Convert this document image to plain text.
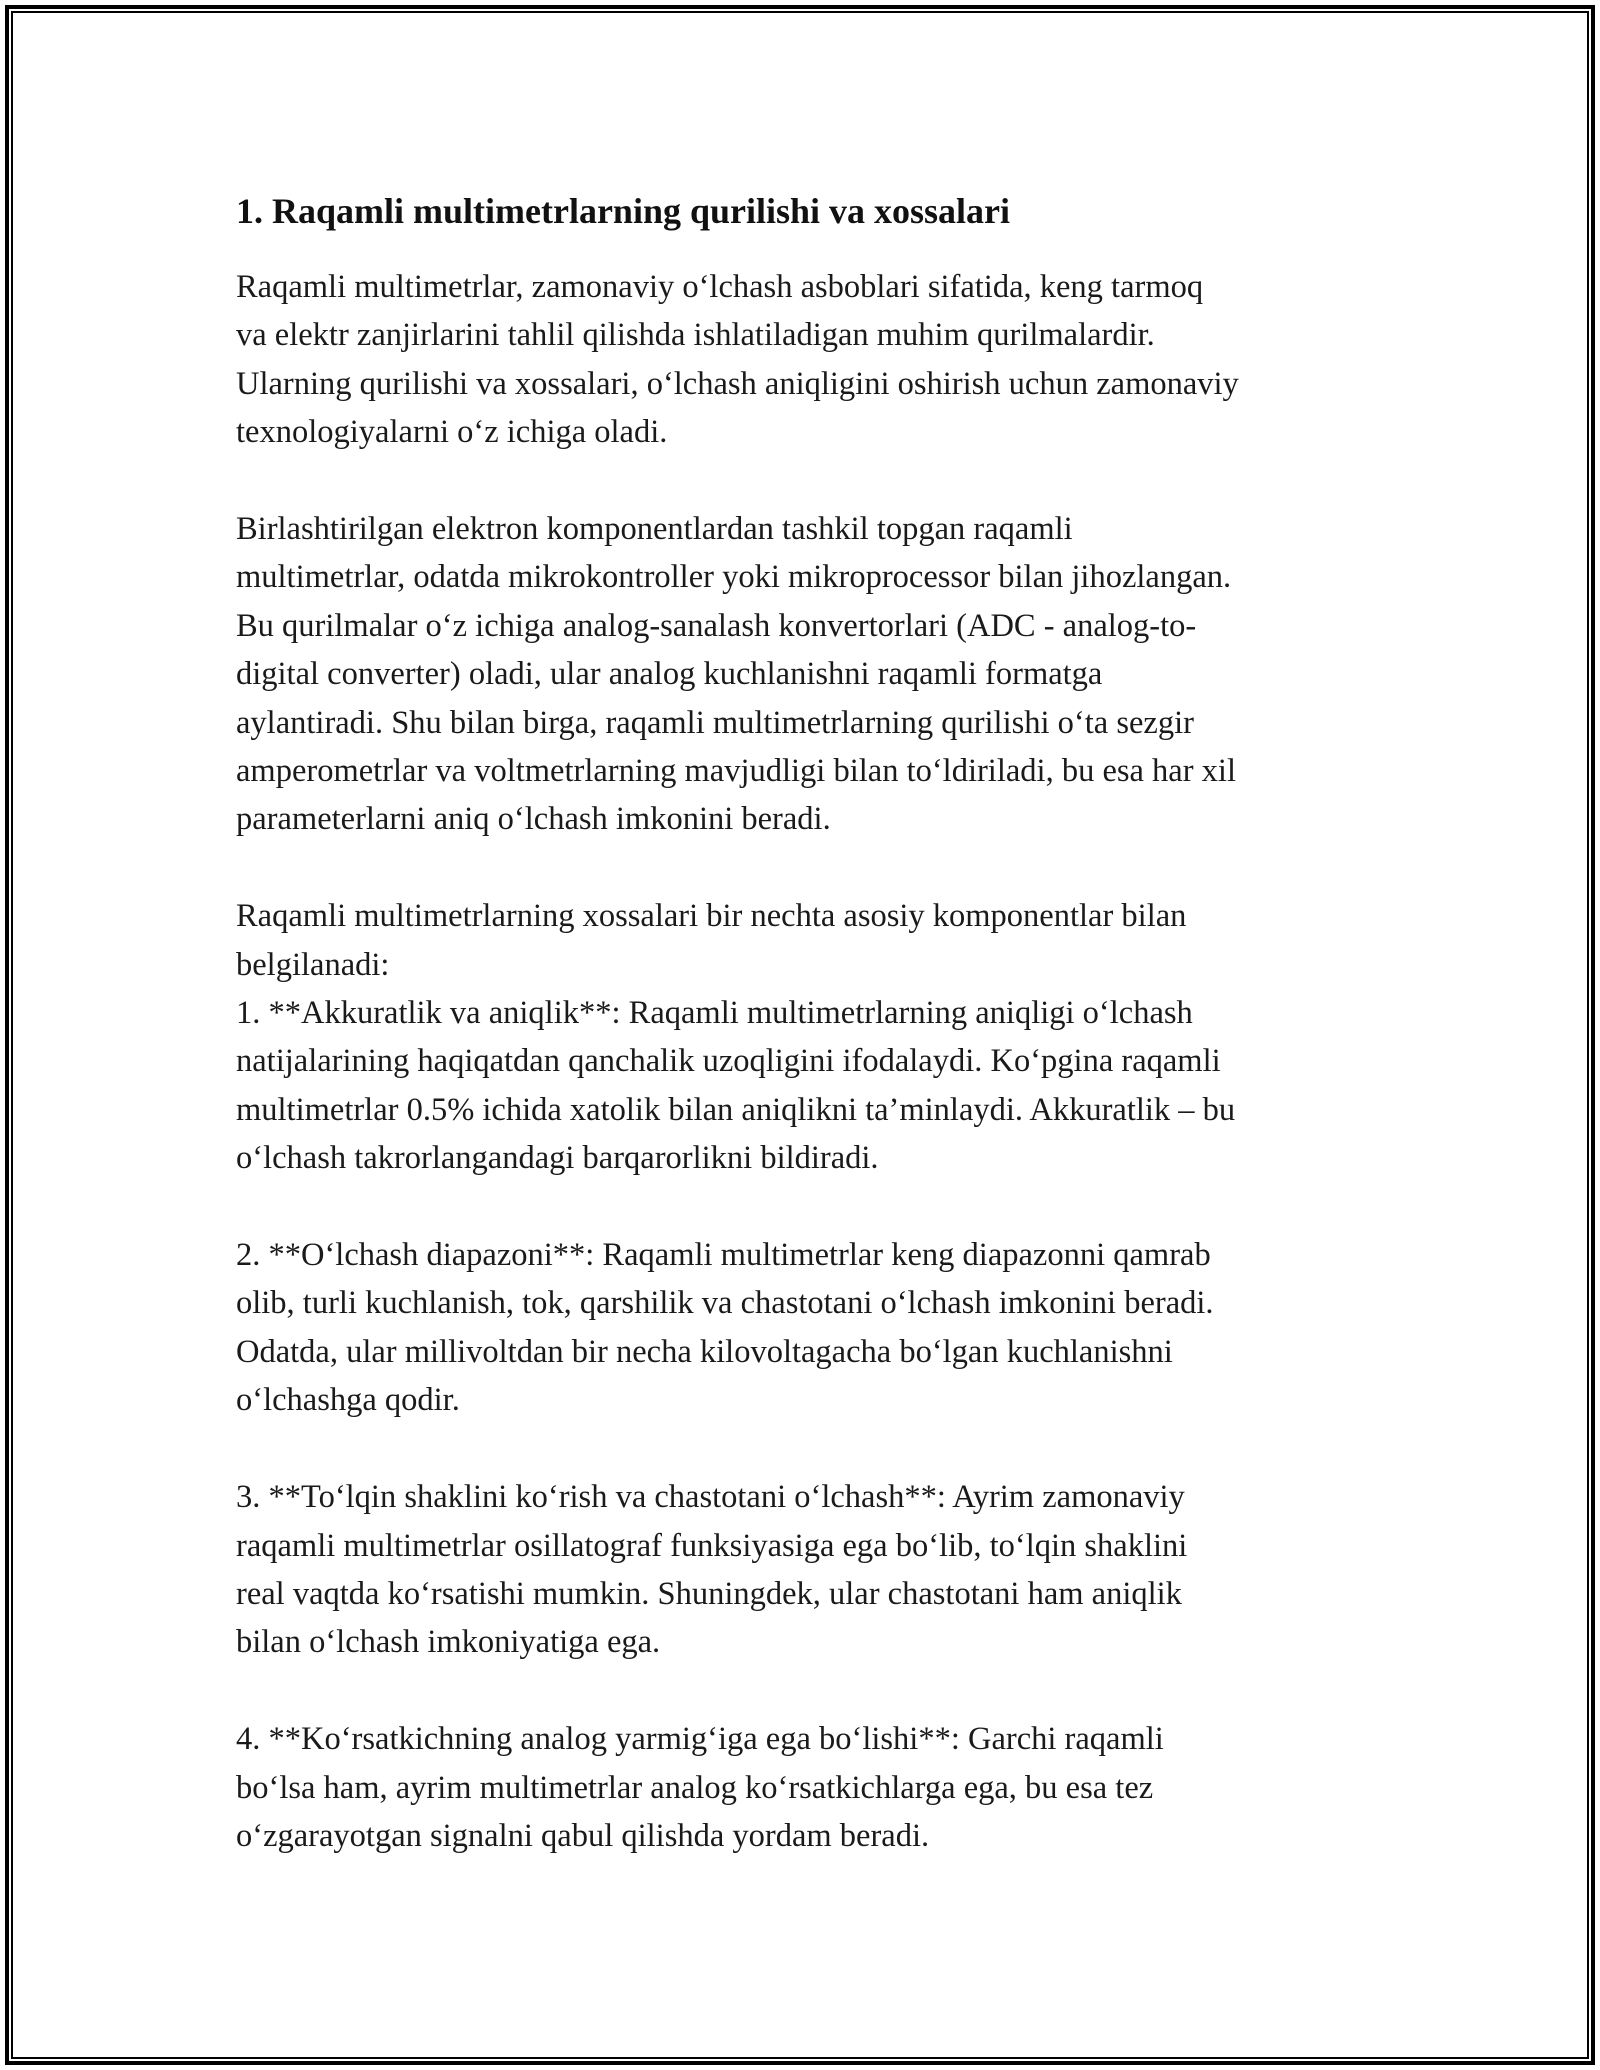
1. Raqamli multimetrlarning qurilishi va xossalari

Raqamli multimetrlar, zamonaviy o‘lchash asboblari sifatida, keng tarmoq
va elektr zanjirlarini tahlil qilishda ishlatiladigan muhim qurilmalardir.
Ularning qurilishi va xossalari, o‘lchash aniqligini oshirish uchun zamonaviy
texnologiyalarni o‘z ichiga oladi.

Birlashtirilgan elektron komponentlardan tashkil topgan raqamli
multimetrlar, odatda mikrokontroller yoki mikroprocessor bilan jihozlangan.
Bu qurilmalar o‘z ichiga analog-sanalash konvertorlari (ADC - analog-to-
digital converter) oladi, ular analog kuchlanishni raqamli formatga
aylantiradi. Shu bilan birga, raqamli multimetrlarning qurilishi o‘ta sezgir
amperometrlar va voltmetrlarning mavjudligi bilan to‘ldiriladi, bu esa har xil
parameterlarni aniq o‘lchash imkonini beradi.

Raqamli multimetrlarning xossalari bir nechta asosiy komponentlar bilan
belgilanadi:
1. **Akkuratlik va aniqlik**: Raqamli multimetrlarning aniqligi o‘lchash
natijalarining haqiqatdan qanchalik uzoqligini ifodalaydi. Ko‘pgina raqamli
multimetrlar 0.5% ichida xatolik bilan aniqlikni ta’minlaydi. Akkuratlik – bu
o‘lchash takrorlangandagi barqarorlikni bildiradi.

2. **O‘lchash diapazoni**: Raqamli multimetrlar keng diapazonni qamrab
olib, turli kuchlanish, tok, qarshilik va chastotani o‘lchash imkonini beradi.
Odatda, ular millivoltdan bir necha kilovoltagacha bo‘lgan kuchlanishni
o‘lchashga qodir.

3. **To‘lqin shaklini ko‘rish va chastotani o‘lchash**: Ayrim zamonaviy
raqamli multimetrlar osillatograf funksiyasiga ega bo‘lib, to‘lqin shaklini
real vaqtda ko‘rsatishi mumkin. Shuningdek, ular chastotani ham aniqlik
bilan o‘lchash imkoniyatiga ega.

4. **Ko‘rsatkichning analog yarmig‘iga ega bo‘lishi**: Garchi raqamli
bo‘lsa ham, ayrim multimetrlar analog ko‘rsatkichlarga ega, bu esa tez
o‘zgarayotgan signalni qabul qilishda yordam beradi.
